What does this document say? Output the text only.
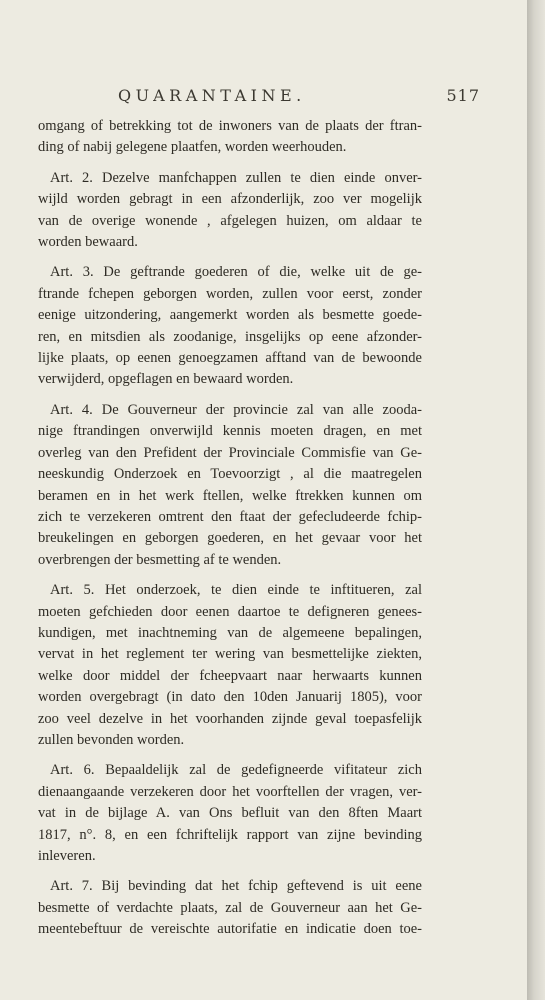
QUARANTAINE.	517
omgang of betrekking tot de inwoners van de plaats der ftran-
ding of nabij gelegene plaatfen, worden weerhouden.
Art. 2. Dezelve manfchappen zullen te dien einde onver-
wijld worden gebragt in een afzonderlijk, zoo ver mogelijk
van de overige wonende , afgelegen huizen, om aldaar te
worden bewaard.
Art. 3. De geftrande goederen of die, welke uit de ge-
ftrande fchepen geborgen worden, zullen voor eerst, zonder
eenige uitzondering, aangemerkt worden als besmette goede-
ren, en mitsdien als zoodanige, insgelijks op eene afzonder-
lijke plaats, op eenen genoegzamen afftand van de bewoonde
verwijderd, opgeflagen en bewaard worden.
Art. 4. De Gouverneur der provincie zal van alle zooda-
nige ftrandingen onverwijld kennis moeten dragen, en met
overleg van den Prefident der Provinciale Commisfie van Ge-
neeskundig Onderzoek en Toevoorzigt , al die maatregelen
beramen en in het werk ftellen, welke ftrekken kunnen om
zich te verzekeren omtrent den ftaat der gefecludeerde fchip-
breukelingen en geborgen goederen, en het gevaar voor het
overbrengen der besmetting af te wenden.
Art. 5. Het onderzoek, te dien einde te inftitueren, zal
moeten gefchieden door eenen daartoe te defigneren genees-
kundigen, met inachtneming van de algemeene bepalingen,
vervat in het reglement ter wering van besmettelijke ziekten,
welke door middel der fcheepvaart naar herwaarts kunnen
worden overgebragt (in dato den 10den Januarij 1805), voor
zoo veel dezelve in het voorhanden zijnde geval toepasfelijk
zullen bevonden worden.
Art. 6. Bepaaldelijk zal de gedefigneerde vifitateur zich
dienaangaande verzekeren door het voorftellen der vragen, ver-
vat in de bijlage A. van Ons befluit van den 8ften Maart
1817, n°. 8, en een fchriftelijk rapport van zijne bevinding
inleveren.
Art. 7. Bij bevinding dat het fchip geftevend is uit eene
besmette of verdachte plaats, zal de Gouverneur aan het Ge-
meentebeftuur de vereischte autorifatie en indicatie doen toe-
